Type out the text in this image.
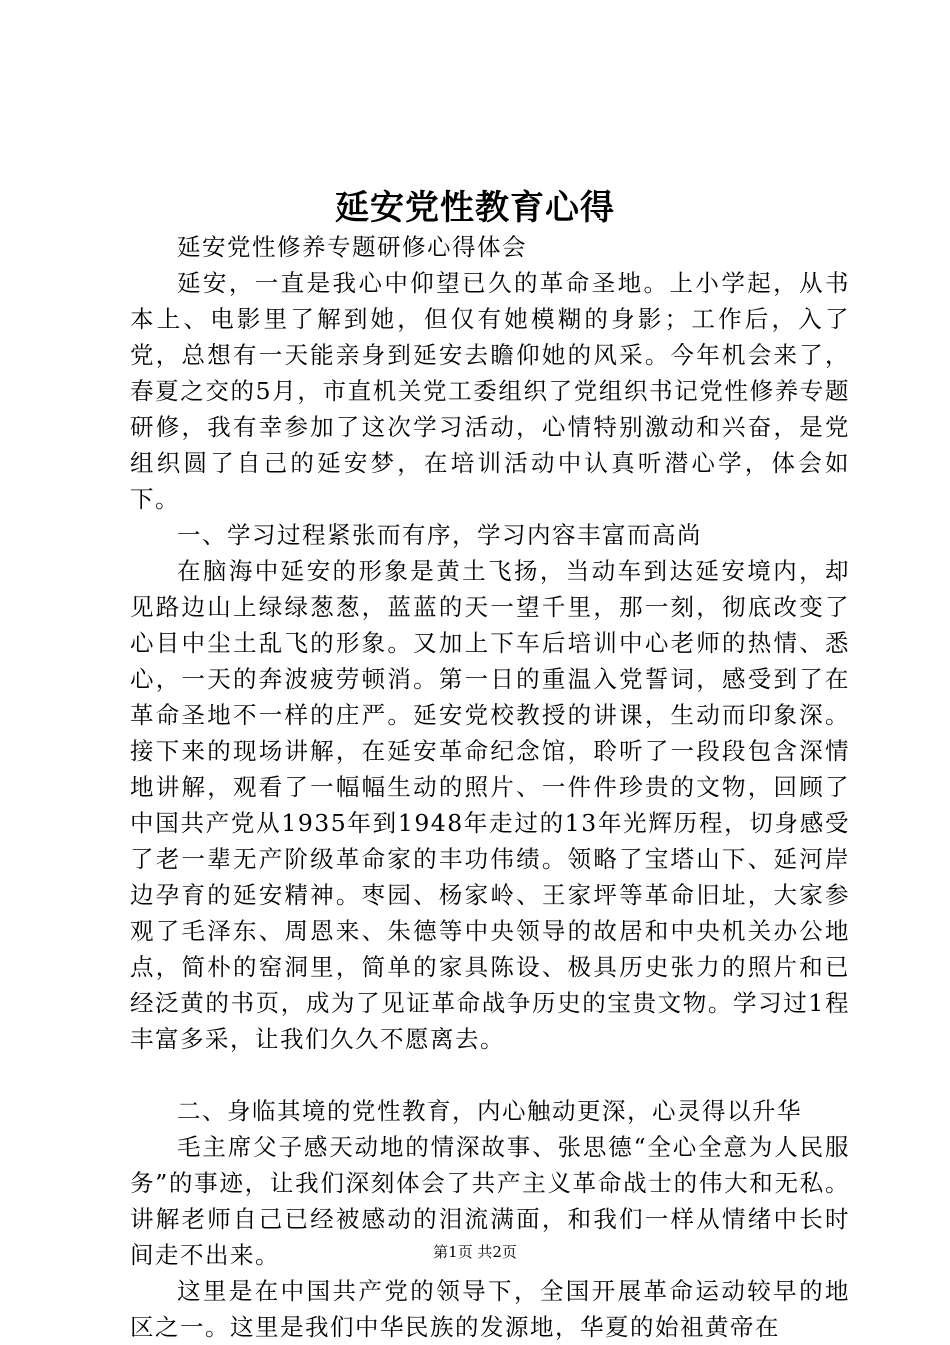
延安党性教育心得

延安党性修养专题研修心得体会

延安，一直是我心中仰望已久的革命圣地。上小学起，从书本上、电影里了解到她，但仅有她模糊的身影；工作后，入了党，总想有一天能亲身到延安去瞻仰她的风采。今年机会来了，春夏之交的5月，市直机关党工委组织了党组织书记党性修养专题研修，我有幸参加了这次学习活动，心情特别激动和兴奋，是党组织圆了自己的延安梦，在培训活动中认真听潜心学，体会如下。

一、学习过程紧张而有序，学习内容丰富而高尚

在脑海中延安的形象是黄土飞扬，当动车到达延安境内，却见路边山上绿绿葱葱，蓝蓝的天一望千里，那一刻，彻底改变了心目中尘土乱飞的形象。又加上下车后培训中心老师的热情、悉心，一天的奔波疲劳顿消。第一日的重温入党誓词，感受到了在革命圣地不一样的庄严。延安党校教授的讲课，生动而印象深。接下来的现场讲解，在延安革命纪念馆，聆听了一段段包含深情地讲解，观看了一幅幅生动的照片、一件件珍贵的文物，回顾了中国共产党从1935年到1948年走过的13年光辉历程，切身感受了老一辈无产阶级革命家的丰功伟绩。领略了宝塔山下、延河岸边孕育的延安精神。枣园、杨家岭、王家坪等革命旧址，大家参观了毛泽东、周恩来、朱德等中央领导的故居和中央机关办公地点，简朴的窑洞里，简单的家具陈设、极具历史张力的照片和已经泛黄的书页，成为了见证革命战争历史的宝贵文物。学习过1程丰富多采，让我们久久不愿离去。

二、身临其境的党性教育，内心触动更深，心灵得以升华

毛主席父子感天动地的情深故事、张思德“全心全意为人民服务”的事迹，让我们深刻体会了共产主义革命战士的伟大和无私。讲解老师自己已经被感动的泪流满面，和我们一样从情绪中长时间走不出来。

这里是在中国共产党的领导下，全国开展革命运动较早的地区之一。这里是我们中华民族的发源地，华夏的始祖黄帝在

第1页 共2页
